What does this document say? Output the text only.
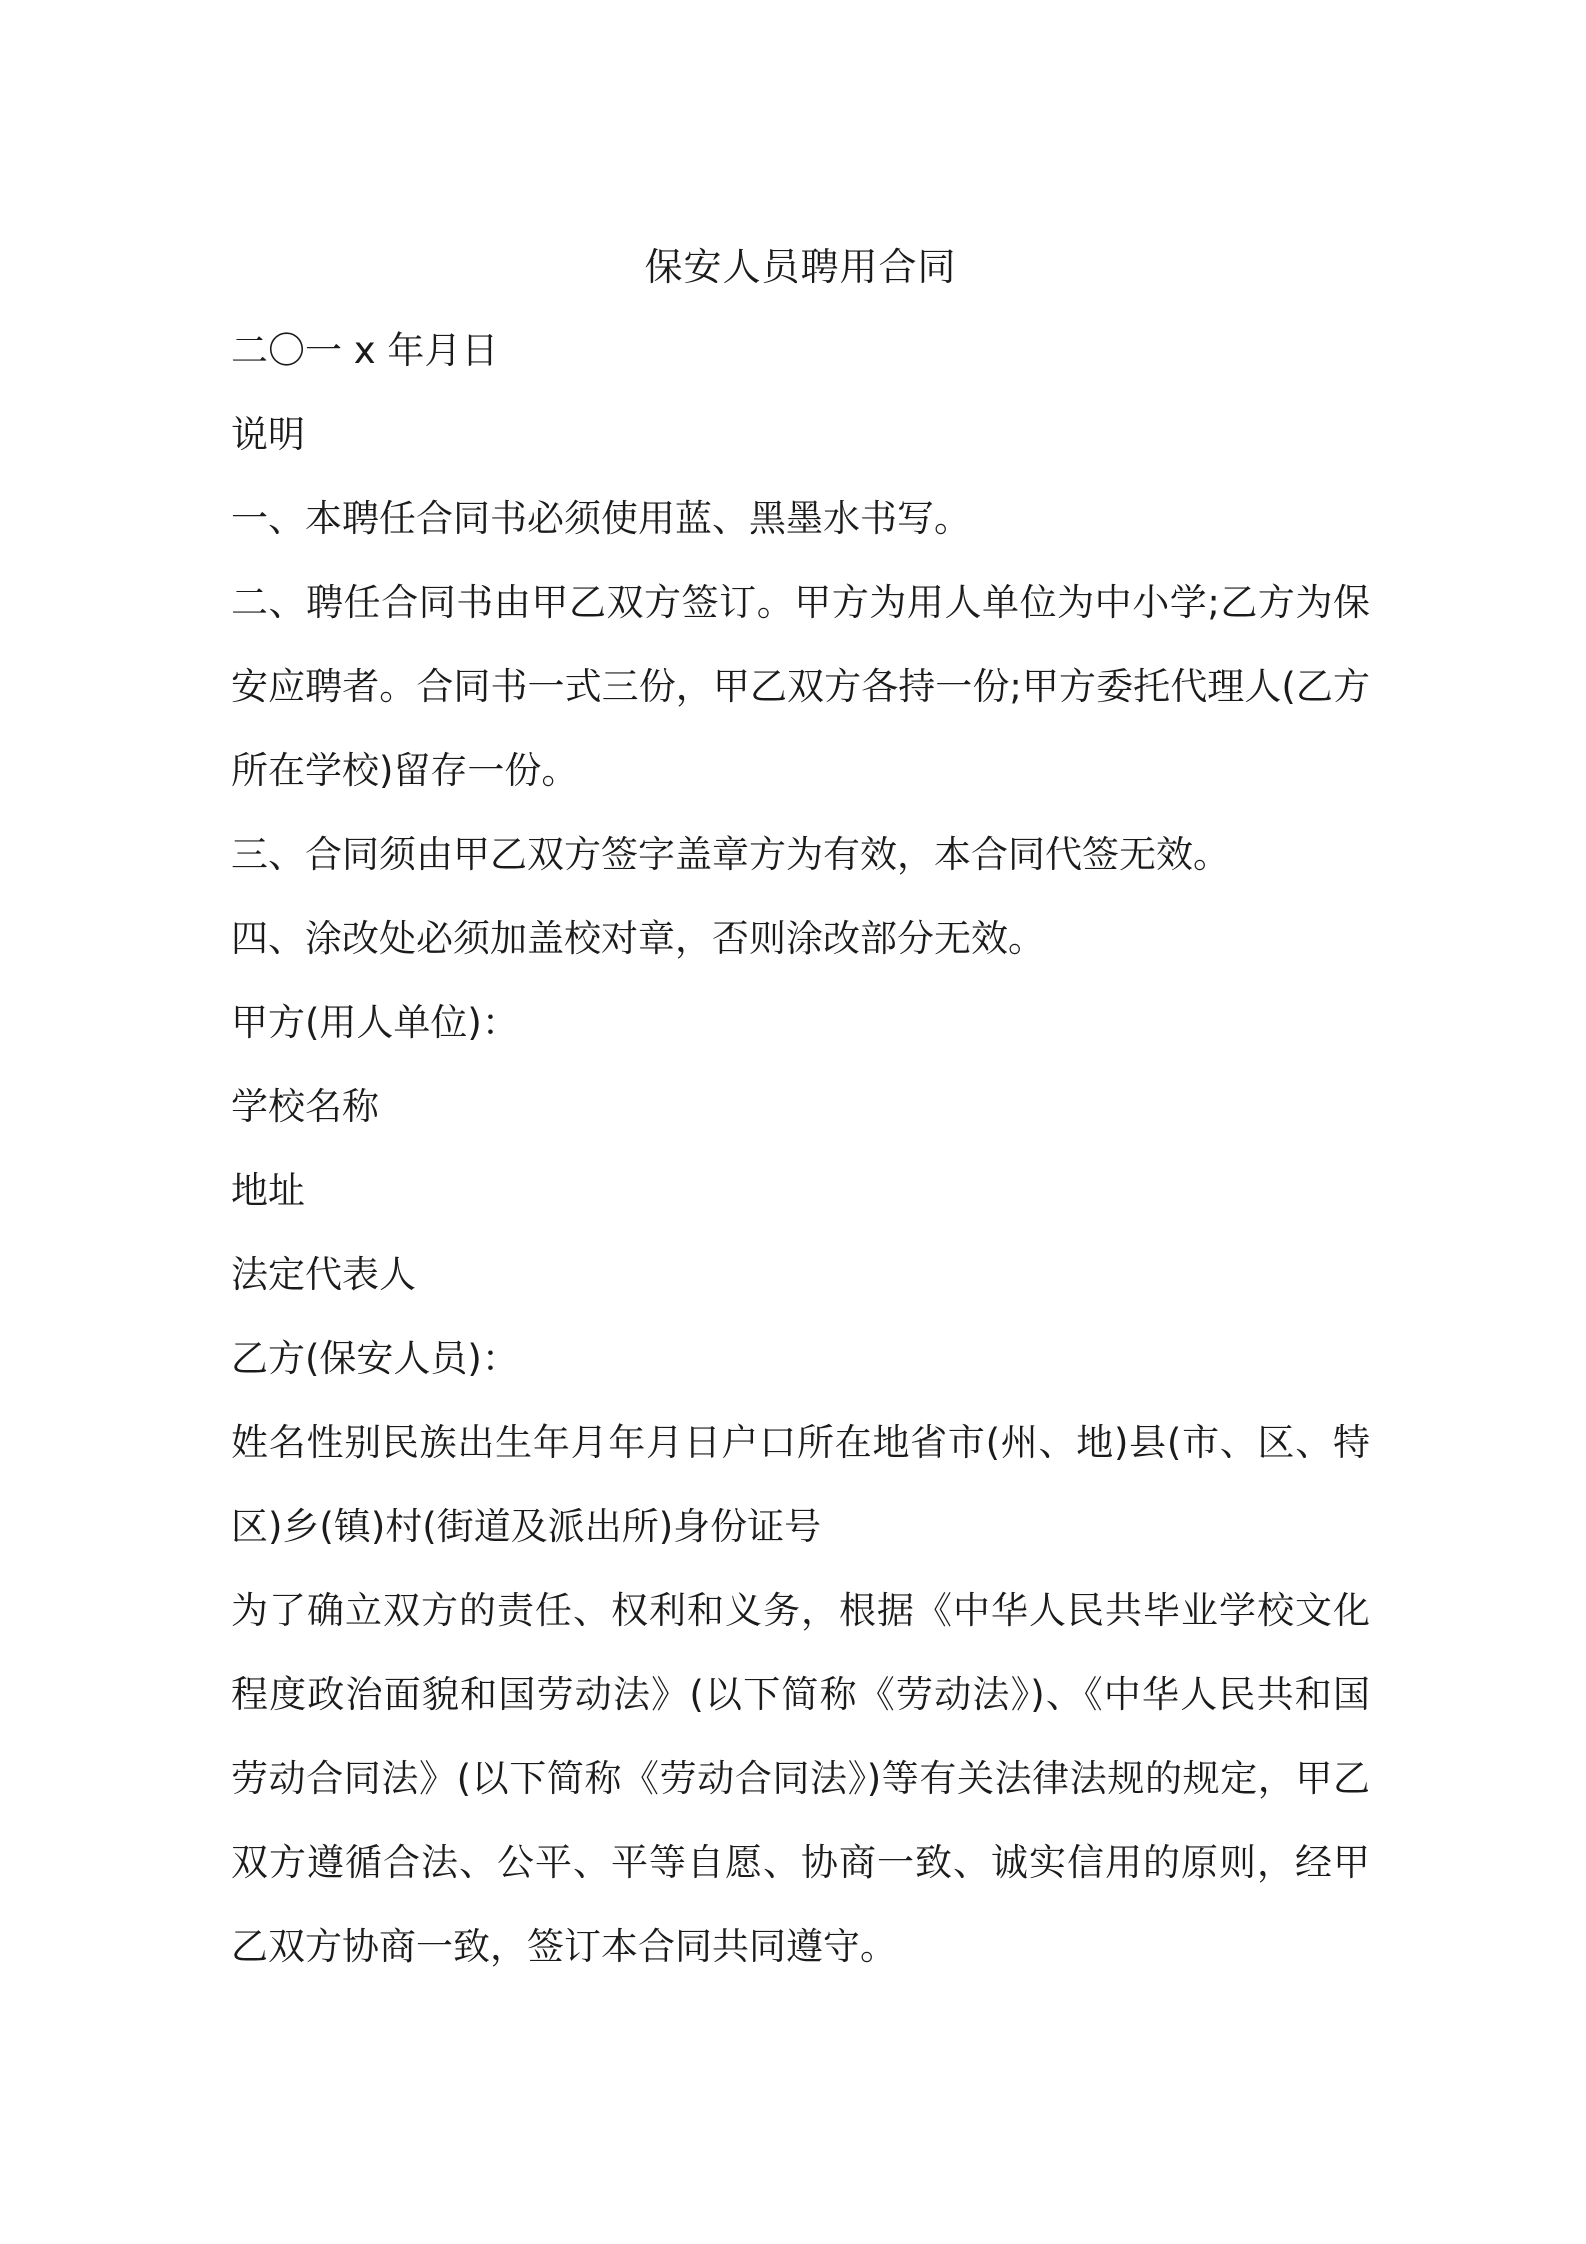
保安人员聘用合同
二〇一 x 年月日
说明
一、本聘任合同书必须使用蓝、黑墨水书写。
二、聘任合同书由甲乙双方签订。甲方为用人单位为中小学;乙方为保
安应聘者。合同书一式三份，甲乙双方各持一份;甲方委托代理人(乙方
所在学校)留存一份。
三、合同须由甲乙双方签字盖章方为有效，本合同代签无效。
四、涂改处必须加盖校对章，否则涂改部分无效。
甲方(用人单位)：
学校名称
地址
法定代表人
乙方(保安人员)：
姓名性别民族出生年月年月日户口所在地省市(州、地)县(市、区、特
区)乡(镇)村(街道及派出所)身份证号
为了确立双方的责任、权利和义务，根据《中华人民共毕业学校文化
程度政治面貌和国劳动法》(以下简称《劳动法》)、《中华人民共和国
劳动合同法》(以下简称《劳动合同法》)等有关法律法规的规定，甲乙
双方遵循合法、公平、平等自愿、协商一致、诚实信用的原则，经甲
乙双方协商一致，签订本合同共同遵守。
